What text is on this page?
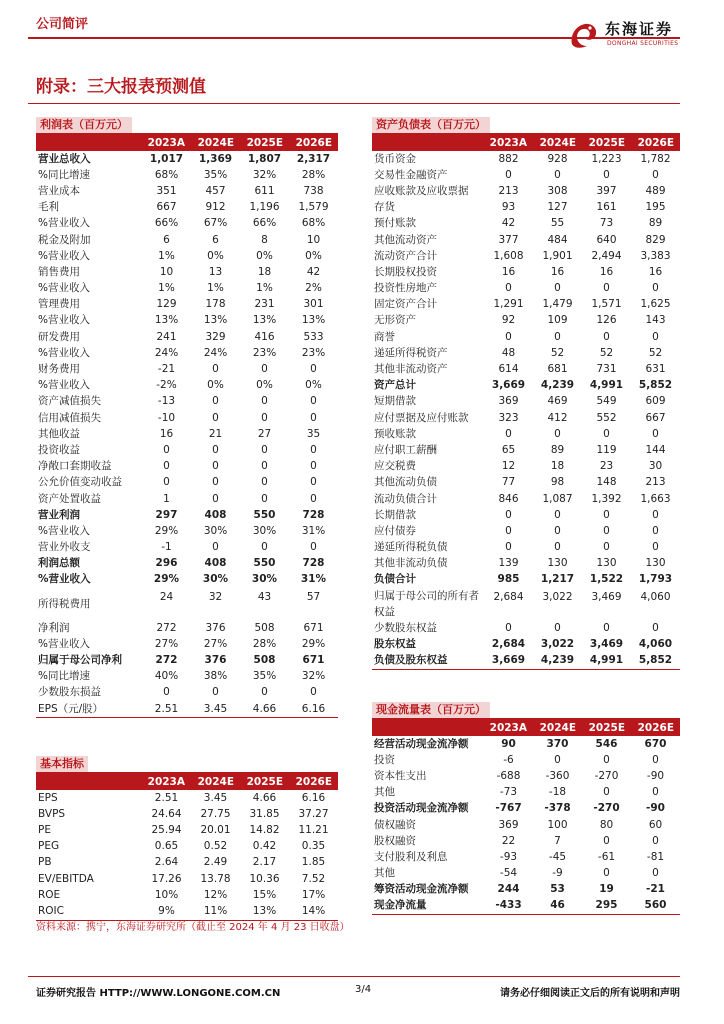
公司简评	东海证券
DONGHAI SECURITIES
附录：三大报表预测值
利润表（百万元）
	2023A	2024E	2025E	2026E
营业总收入	1,017	1,369	1,807	2,317
%同比增速	68%	35%	32%	28%
营业成本	351	457	611	738
毛利	667	912	1,196	1,579
%营业收入	66%	67%	66%	68%
税金及附加	6	6	8	10
%营业收入	1%	0%	0%	0%
销售费用	10	13	18	42
%营业收入	1%	1%	1%	2%
管理费用	129	178	231	301
%营业收入	13%	13%	13%	13%
研发费用	241	329	416	533
%营业收入	24%	24%	23%	23%
财务费用	-21	0	0	0
%营业收入	-2%	0%	0%	0%
资产减值损失	-13	0	0	0
信用减值损失	-10	0	0	0
其他收益	16	21	27	35
投资收益	0	0	0	0
净敞口套期收益	0	0	0	0
公允价值变动收益	0	0	0	0
资产处置收益	1	0	0	0
营业利润	297	408	550	728
%营业收入	29%	30%	30%	31%
营业外收支	-1	0	0	0
利润总额	296	408	550	728
%营业收入	29%	30%	30%	31%
所得税费用	24	32	43	57
净利润	272	376	508	671
%营业收入	27%	27%	28%	29%
归属于母公司净利	272	376	508	671
%同比增速	40%	38%	35%	32%
少数股东损益	0	0	0	0
EPS（元/股）	2.51	3.45	4.66	6.16
基本指标
	2023A	2024E	2025E	2026E
EPS	2.51	3.45	4.66	6.16
BVPS	24.64	27.75	31.85	37.27
PE	25.94	20.01	14.82	11.21
PEG	0.65	0.52	0.42	0.35
PB	2.64	2.49	2.17	1.85
EV/EBITDA	17.26	13.78	10.36	7.52
ROE	10%	12%	15%	17%
ROIC	9%	11%	13%	14%
资产负债表（百万元）
	2023A	2024E	2025E	2026E
货币资金	882	928	1,223	1,782
交易性金融资产	0	0	0	0
应收账款及应收票据	213	308	397	489
存货	93	127	161	195
预付账款	42	55	73	89
其他流动资产	377	484	640	829
流动资产合计	1,608	1,901	2,494	3,383
长期股权投资	16	16	16	16
投资性房地产	0	0	0	0
固定资产合计	1,291	1,479	1,571	1,625
无形资产	92	109	126	143
商誉	0	0	0	0
递延所得税资产	48	52	52	52
其他非流动资产	614	681	731	631
资产总计	3,669	4,239	4,991	5,852
短期借款	369	469	549	609
应付票据及应付账款	323	412	552	667
预收账款	0	0	0	0
应付职工薪酬	65	89	119	144
应交税费	12	18	23	30
其他流动负债	77	98	148	213
流动负债合计	846	1,087	1,392	1,663
长期借款	0	0	0	0
应付债券	0	0	0	0
递延所得税负债	0	0	0	0
其他非流动负债	139	130	130	130
负债合计	985	1,217	1,522	1,793
归属于母公司的所有者权益	2,684	3,022	3,469	4,060
少数股东权益	0	0	0	0
股东权益	2,684	3,022	3,469	4,060
负债及股东权益	3,669	4,239	4,991	5,852
现金流量表（百万元）
	2023A	2024E	2025E	2026E
经营活动现金流净额	90	370	546	670
投资	-6	0	0	0
资本性支出	-688	-360	-270	-90
其他	-73	-18	0	0
投资活动现金流净额	-767	-378	-270	-90
债权融资	369	100	80	60
股权融资	22	7	0	0
支付股利及利息	-93	-45	-61	-81
其他	-54	-9	0	0
筹资活动现金流净额	244	53	19	-21
现金净流量	-433	46	295	560
资料来源：携宁，东海证券研究所（截止至 2024 年 4 月 23 日收盘）
证券研究报告 HTTP://WWW.LONGONE.COM.CN	3/4	请务必仔细阅读正文后的所有说明和声明
